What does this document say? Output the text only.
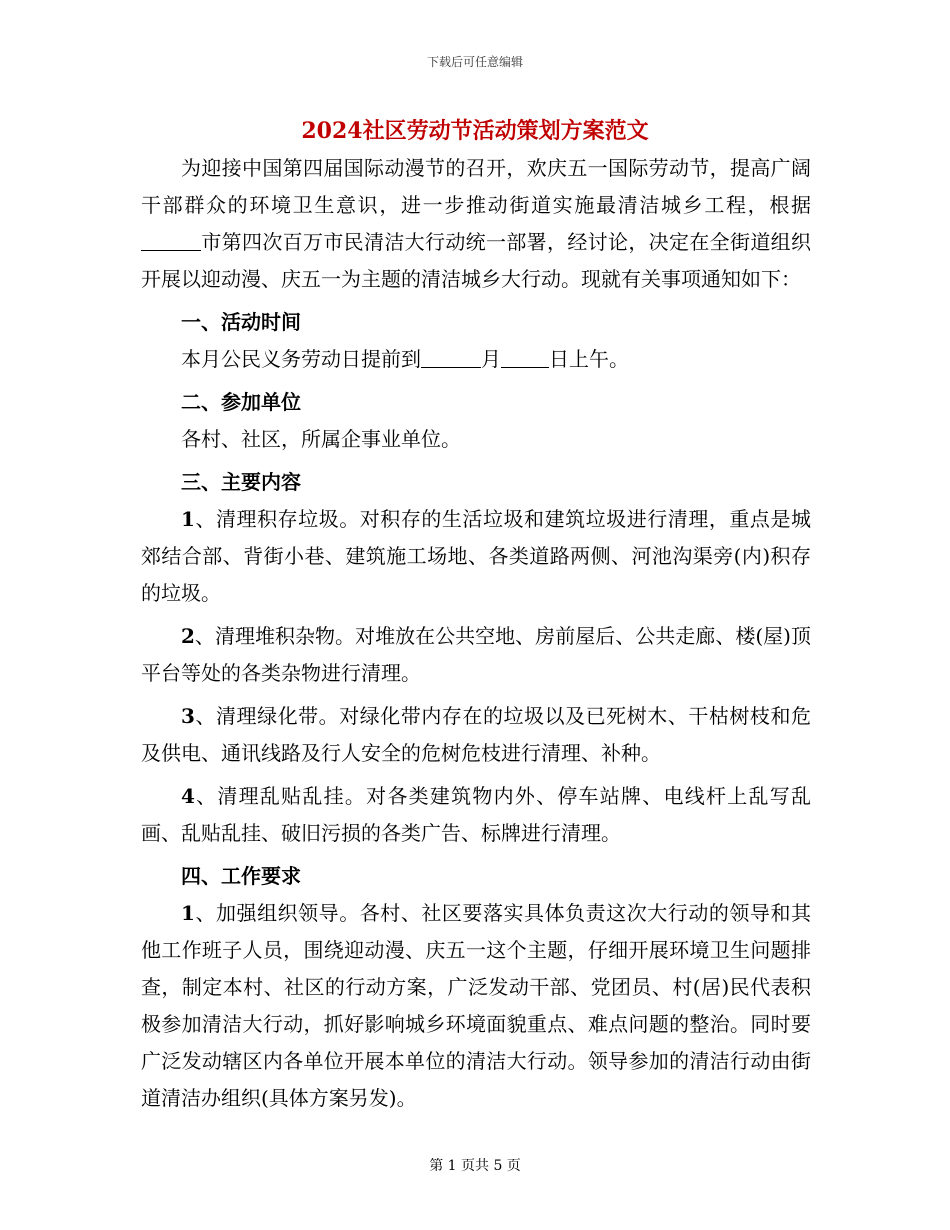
下载后可任意编辑
2024社区劳动节活动策划方案范文

为迎接中国第四届国际动漫节的召开，欢庆五一国际劳动节，提高广阔干部群众的环境卫生意识，进一步推动街道实施最清洁城乡工程，根据市第四次百万市民清洁大行动统一部署，经讨论，决定在全街道组织开展以迎动漫、庆五一为主题的清洁城乡大行动。现就有关事项通知如下：

一、活动时间

本月公民义务劳动日提前到	月 日上午。

二、参加单位

各村、社区，所属企事业单位。

三、主要内容

1、清理积存垃圾。对积存的生活垃圾和建筑垃圾进行清理，重点是城郊结合部、背街小巷、建筑施工场地、各类道路两侧、河池沟渠旁(内)积存的垃圾。

2、清理堆积杂物。对堆放在公共空地、房前屋后、公共走廊、楼(屋)顶平台等处的各类杂物进行清理。

3、清理绿化带。对绿化带内存在的垃圾以及已死树木、干枯树枝和危及供电、通讯线路及行人安全的危树危枝进行清理、补种。

4、清理乱贴乱挂。对各类建筑物内外、停车站牌、电线杆上乱写乱画、乱贴乱挂、破旧污损的各类广告、标牌进行清理。

四、工作要求

1、加强组织领导。各村、社区要落实具体负责这次大行动的领导和其他工作班子人员，围绕迎动漫、庆五一这个主题，仔细开展环境卫生问题排查，制定本村、社区的行动方案，广泛发动干部、党团员、村(居)民代表积极参加清洁大行动，抓好影响城乡环境面貌重点、难点问题的整治。同时要广泛发动辖区内各单位开展本单位的清洁大行动。领导参加的清洁行动由街道清洁办组织(具体方案另发)。

第 1 页共 5 页
